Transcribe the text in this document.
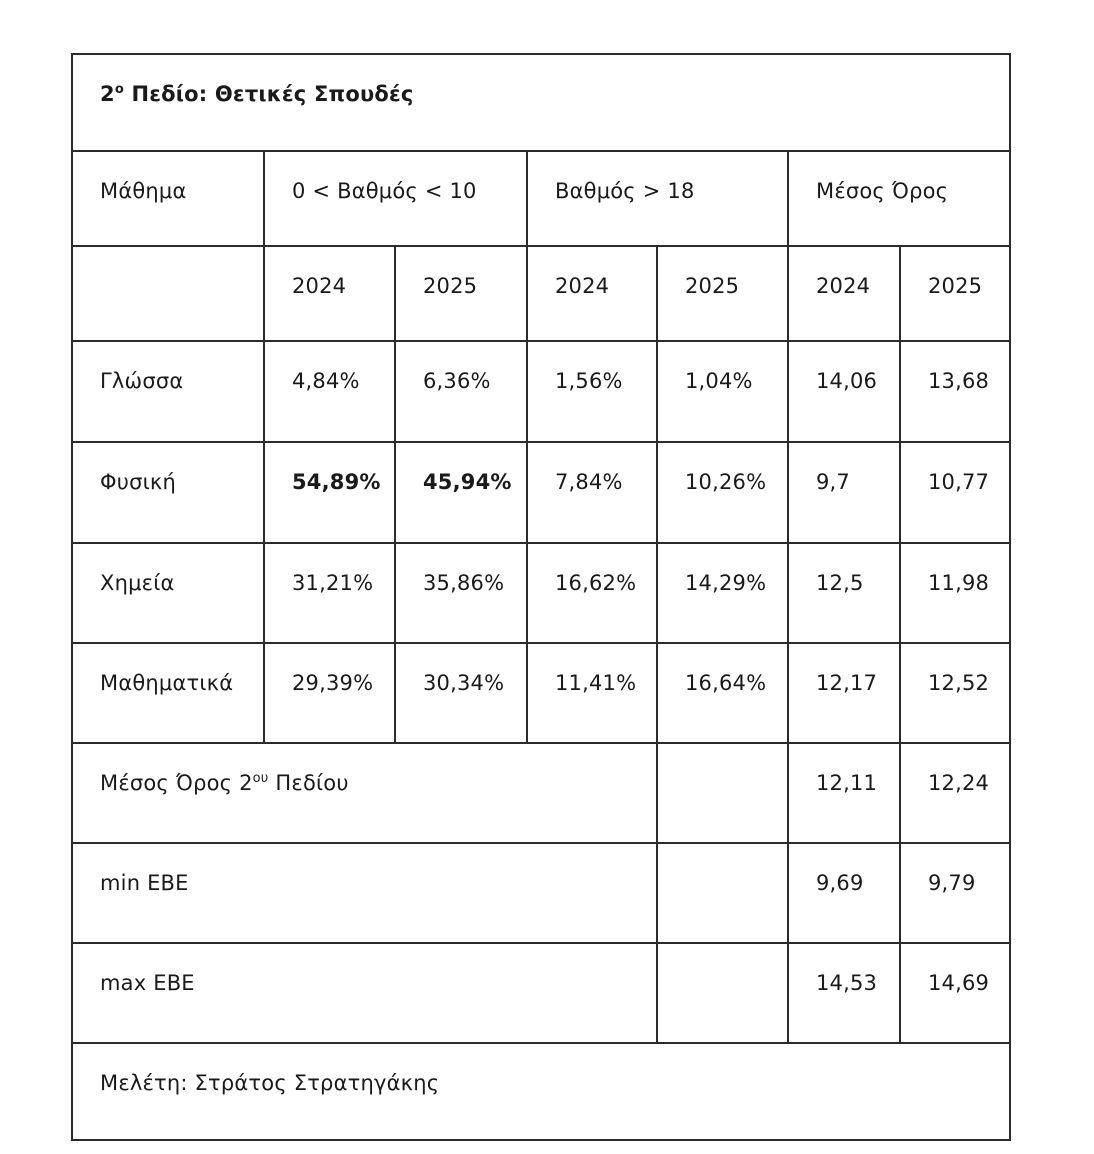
$2^o$ Πεδίο: Θετικές Σπουδές						
Μάθημα	0 < Βαθμός < 10		Βαθμός > 18		Μέσος Όρος	
	2024	2025	2024	2025	2024	2025
Γλώσσα	4,84%	6,36%	1,56%	1,04%	14,06	13,68
Φυσική	54,89%	45,94%	7,84%	10,26%	9,7	10,77
Χημεία	31,21%	35,86%	16,62%	14,29%	12,5	11,98
Μαθηματικά	29,39%	30,34%	11,41%	16,64%	12,17	12,52
Μέσος Όρος $2^{o\upsilon}$ Πεδίου					12,11	12,24
min ΕΒΕ					9,69	9,79
max ΕΒΕ					14,53	14,69
Μελέτη: Στράτος Στρατηγάκης						
